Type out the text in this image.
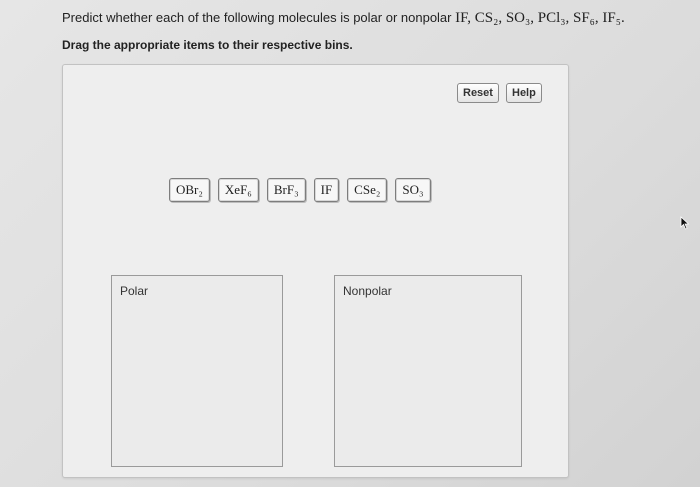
Predict whether each of the following molecules is polar or nonpolar IF, CS₂, SO₃, PCl₃, SF₆, IF₅.
Drag the appropriate items to their respective bins.
Reset	Help
OBr₂	XeF₆	BrF₃	IF	CSe₂	SO₃
Polar	Nonpolar
